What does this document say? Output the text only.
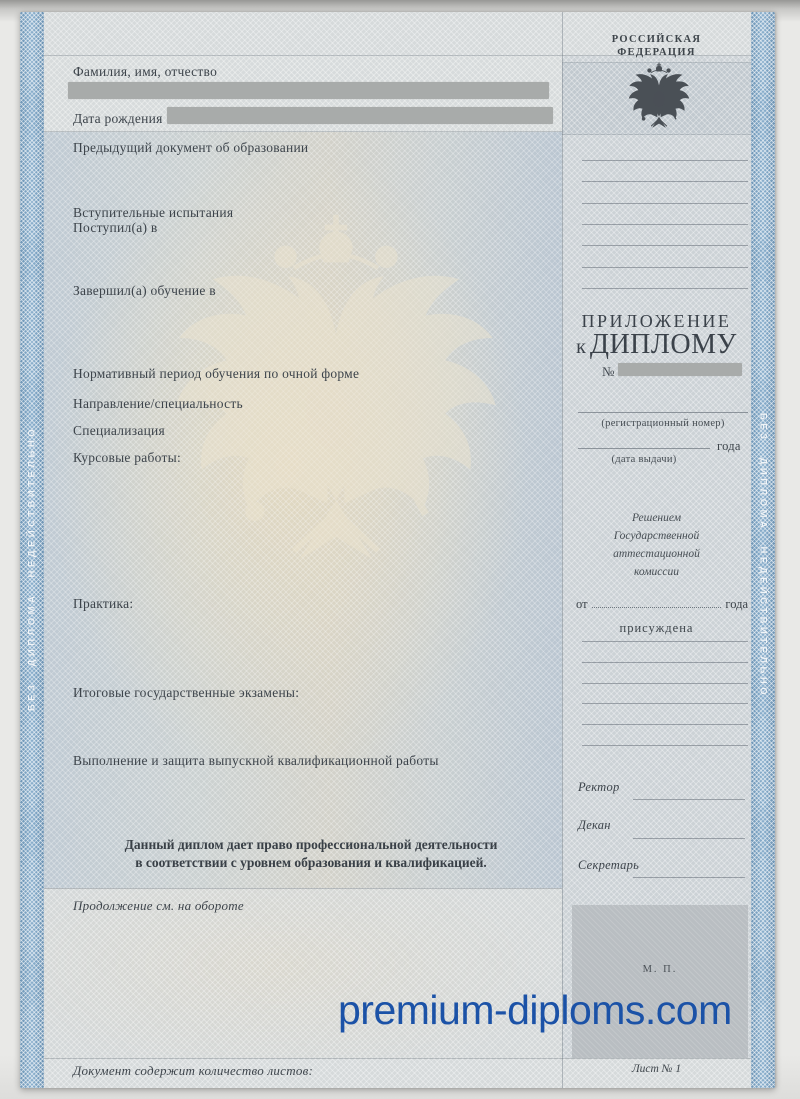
БЕЗ ДИПЛОМА НЕДЕЙСТВИТЕЛЬНО	БЕЗ ДИПЛОМА НЕДЕЙСТВИТЕЛЬНО
Фамилия, имя, отчество
Дата рождения
Предыдущий документ об образовании
Вступительные испытания
Поступил(а) в
Завершил(а) обучение в
Нормативный период обучения по очной форме
Направление/специальность
Специализация
Курсовые работы:
Практика:
Итоговые государственные экзамены:
Выполнение и защита выпускной квалификационной работы
Данный диплом дает право профессиональной деятельности
в соответствии с уровнем образования и квалификацией.
Продолжение см. на обороте
Документ содержит количество листов:
РОССИЙСКАЯ
ФЕДЕРАЦИЯ
ПРИЛОЖЕНИЕ
к ДИПЛОМУ
№
(регистрационный номер)
года
(дата выдачи)
Решением
Государственной
аттестационной
комиссии
от	года
присуждена
Ректор
Декан
Секретарь
М. П.
Лист № 1
premium-diploms.com
